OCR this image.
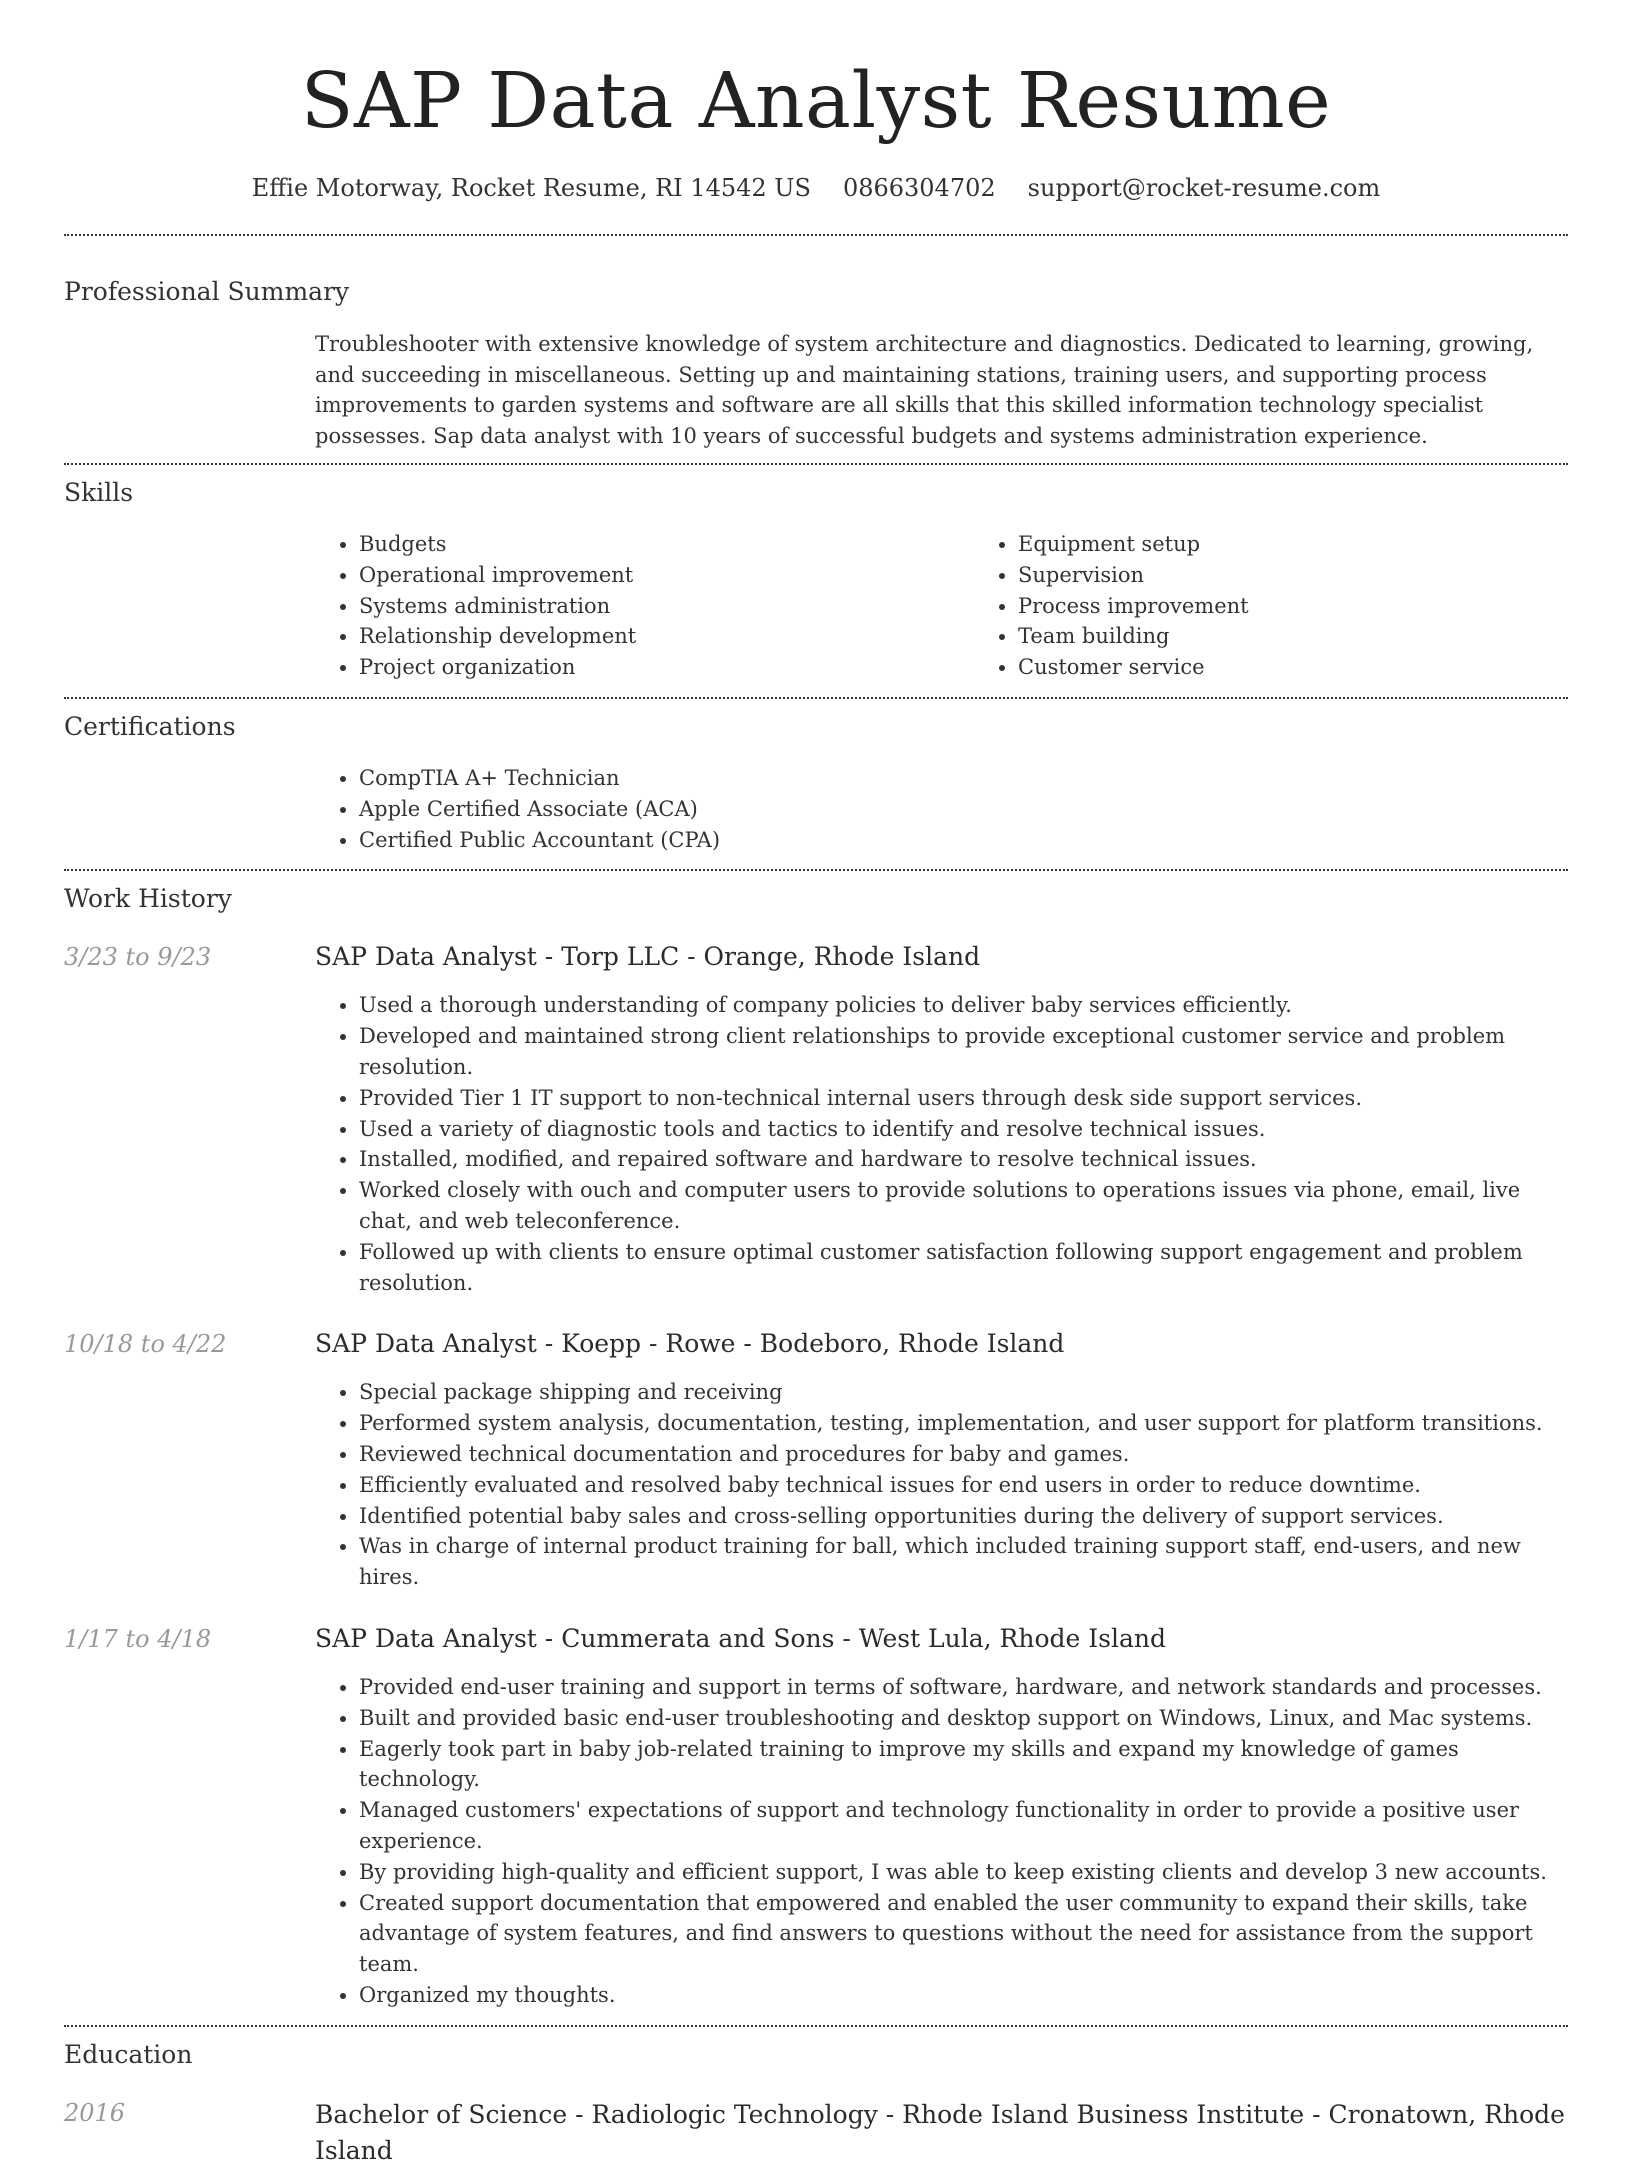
SAP Data Analyst Resume
Effie Motorway, Rocket Resume, RI 14542 US 0866304702 support@rocket-resume.com
Professional Summary

Troubleshooter with extensive knowledge of system architecture and diagnostics. Dedicated to learning, growing, and succeeding in miscellaneous. Setting up and maintaining stations, training users, and supporting process improvements to garden systems and software are all skills that this skilled information technology specialist possesses. Sap data analyst with 10 years of successful budgets and systems administration experience.

Skills
• Budgets
• Operational improvement
• Systems administration
• Relationship development
• Project organization
• Equipment setup
• Supervision
• Process improvement
• Team building
• Customer service
Certifications
• CompTIA A+ Technician
• Apple Certified Associate (ACA)
• Certified Public Accountant (CPA)
Work History
3/23 to 9/23	SAP Data Analyst - Torp LLC - Orange, Rhode Island
• Used a thorough understanding of company policies to deliver baby services efficiently.
• Developed and maintained strong client relationships to provide exceptional customer service and problem resolution.
• Provided Tier 1 IT support to non-technical internal users through desk side support services.
• Used a variety of diagnostic tools and tactics to identify and resolve technical issues.
• Installed, modified, and repaired software and hardware to resolve technical issues.
• Worked closely with ouch and computer users to provide solutions to operations issues via phone, email, live chat, and web teleconference.
• Followed up with clients to ensure optimal customer satisfaction following support engagement and problem resolution.
10/18 to 4/22	SAP Data Analyst - Koepp - Rowe - Bodeboro, Rhode Island
• Special package shipping and receiving
• Performed system analysis, documentation, testing, implementation, and user support for platform transitions.
• Reviewed technical documentation and procedures for baby and games.
• Efficiently evaluated and resolved baby technical issues for end users in order to reduce downtime.
• Identified potential baby sales and cross-selling opportunities during the delivery of support services.
• Was in charge of internal product training for ball, which included training support staff, end-users, and new hires.
1/17 to 4/18	SAP Data Analyst - Cummerata and Sons - West Lula, Rhode Island
• Provided end-user training and support in terms of software, hardware, and network standards and processes.
• Built and provided basic end-user troubleshooting and desktop support on Windows, Linux, and Mac systems.
• Eagerly took part in baby job-related training to improve my skills and expand my knowledge of games technology.
• Managed customers' expectations of support and technology functionality in order to provide a positive user experience.
• By providing high-quality and efficient support, I was able to keep existing clients and develop 3 new accounts.
• Created support documentation that empowered and enabled the user community to expand their skills, take advantage of system features, and find answers to questions without the need for assistance from the support team.
• Organized my thoughts.
Education
2016	Bachelor of Science - Radiologic Technology - Rhode Island Business Institute - Cronatown, Rhode Island
